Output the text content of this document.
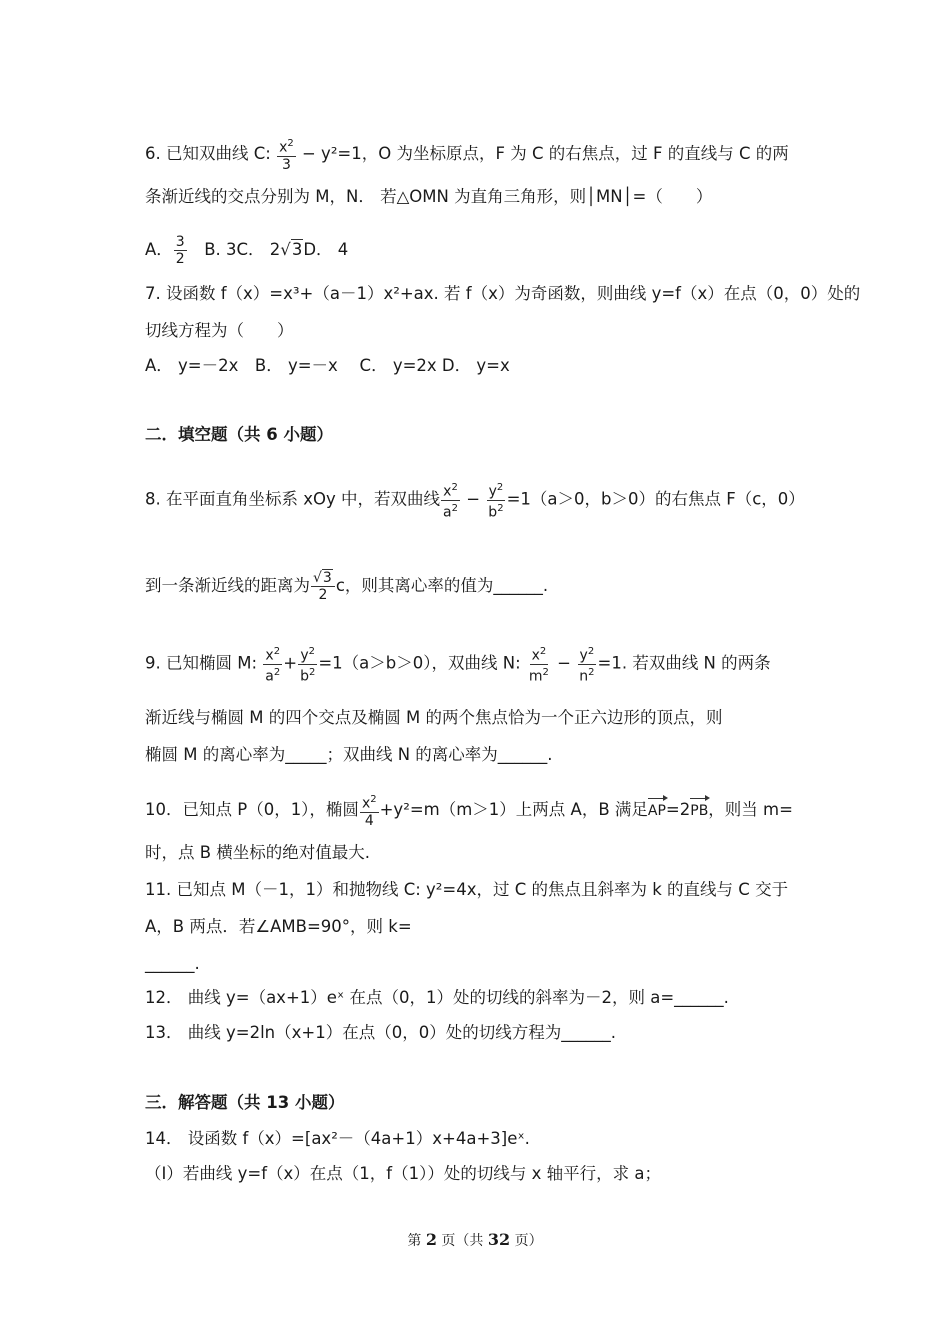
6. 已知双曲线 C: $\frac{x^2}{3} - y^2=1$，O 为坐标原点，F 为 C 的右焦点，过 F 的直线与 C 的两
条渐近线的交点分别为 M，N． 若△OMN 为直角三角形，则│MN│=（　　）
A． $\frac{3}{2}$ 　B. 3C． 2√3D． 4
7. 设函数 f（x）=x³+（a－1）x²+ax. 若 f（x）为奇函数，则曲线 y=f（x）在点（0，0）处的
切线方程为（　　）
A． y=－2x　B． y=－x　 C． y=2x D． y=x
二．填空题（共 6 小题）
8. 在平面直角坐标系 xOy 中，若双曲线 $\frac{x^2}{a^2} - \frac{y^2}{b^2} =1(a>0$，b＞0）的右焦点 F（c，0）
到一条渐近线的距离为 $\frac{√3}{2}$ c，则其离心率的值为______.
9. 已知椭圆 M: $\frac{x^2}{a^2} + \frac{y^2}{b^2} =1(a>b>0)$，双曲线 N: $\frac{x^2}{m^2} - \frac{y^2}{n^2} =1$. 若双曲线 N 的两条
渐近线与椭圆 M 的四个交点及椭圆 M 的两个焦点恰为一个正六边形的顶点，则
椭圆 M 的离心率为_____；双曲线 N 的离心率为______.
10．已知点 P（0，1），椭圆 $\frac{x^2}{4} +y^2=m(m>1)$上两点 A，B 满足AP=2PB，则当 m=
时，点 B 横坐标的绝对值最大.
11. 已知点 M（－1，1）和抛物线 C: y²=4x，过 C 的焦点且斜率为 k 的直线与 C 交于
A，B 两点．若∠AMB=90°，则 k=
______.
12． 曲线 y=（ax+1）eˣ 在点（0，1）处的切线的斜率为－2，则 a=______.
13． 曲线 y=2ln（x+1）在点（0，0）处的切线方程为______.
三．解答题（共 13 小题）
14． 设函数 f（x）=[ax²－（4a+1）x+4a+3]eˣ.
（Ⅰ）若曲线 y=f（x）在点（1，f（1））处的切线与 x 轴平行，求 a；
第 2 页（共 32 页）
